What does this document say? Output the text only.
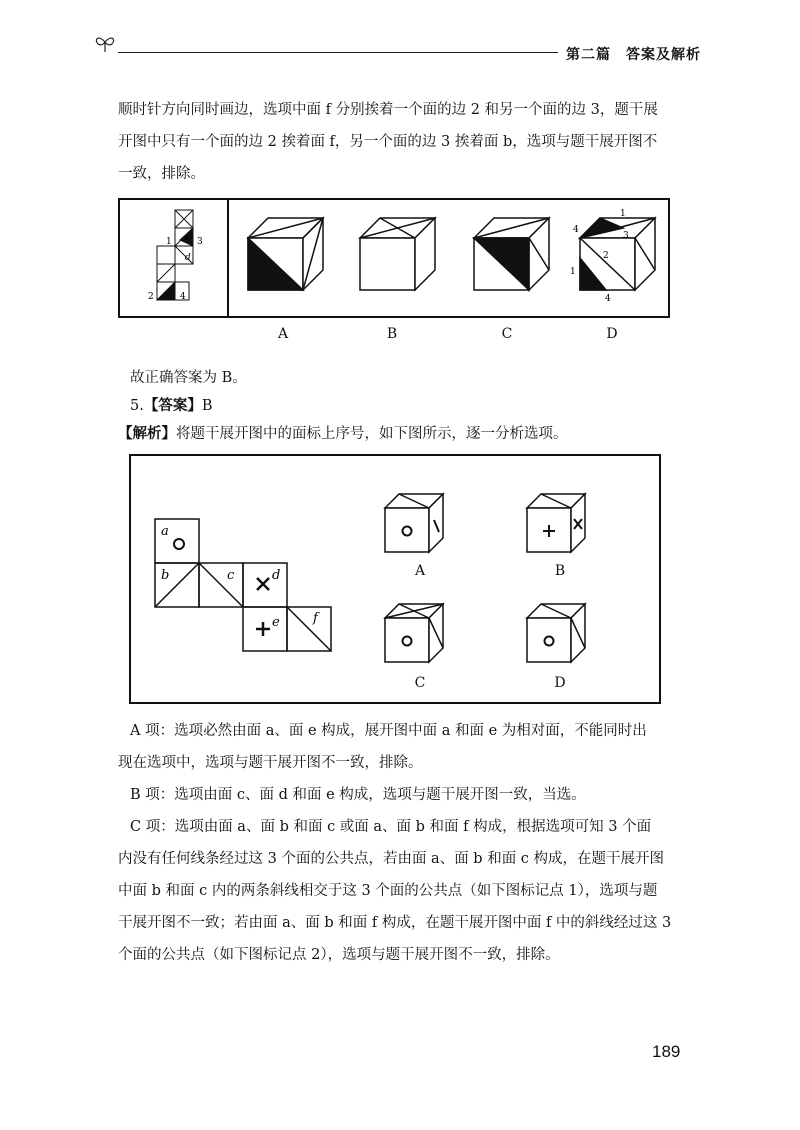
第二篇　答案及解析
顺时针方向同时画边，选项中面 f 分别挨着一个面的边 2 和另一个面的边 3，题干展
开图中只有一个面的边 2 挨着面 f，另一个面的边 3 挨着面 b，选项与题干展开图不
一致，排除。
1	3
2	4
e
d
1
4
3
2
1
4
A	B	C	D
故正确答案为 B。
5.【答案】B
【解析】将题干展开图中的面标上序号，如下图所示，逐一分析选项。
a
b	c	d
e	f
A	B
C	D
A 项：选项必然由面 a、面 e 构成，展开图中面 a 和面 e 为相对面，不能同时出
现在选项中，选项与题干展开图不一致，排除。
B 项：选项由面 c、面 d 和面 e 构成，选项与题干展开图一致，当选。
C 项：选项由面 a、面 b 和面 c 或面 a、面 b 和面 f 构成，根据选项可知 3 个面
内没有任何线条经过这 3 个面的公共点，若由面 a、面 b 和面 c 构成，在题干展开图
中面 b 和面 c 内的两条斜线相交于这 3 个面的公共点（如下图标记点 1），选项与题
干展开图不一致；若由面 a、面 b 和面 f 构成，在题干展开图中面 f 中的斜线经过这 3
个面的公共点（如下图标记点 2），选项与题干展开图不一致，排除。
189
